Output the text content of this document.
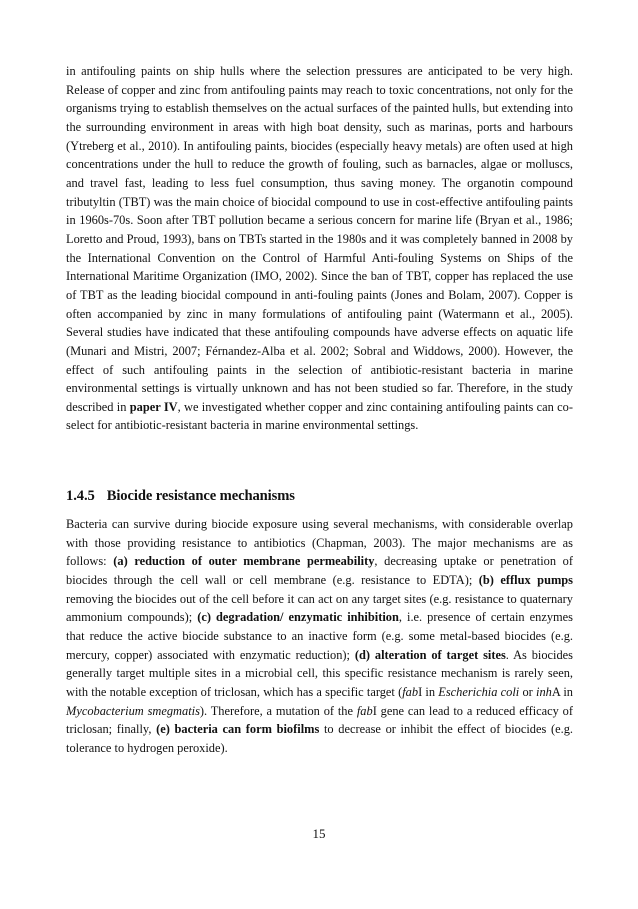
in antifouling paints on ship hulls where the selection pressures are anticipated to be very high. Release of copper and zinc from antifouling paints may reach to toxic concentrations, not only for the organisms trying to establish themselves on the actual surfaces of the painted hulls, but extending into the surrounding environment in areas with high boat density, such as marinas, ports and harbours (Ytreberg et al., 2010). In antifouling paints, biocides (especially heavy metals) are often used at high concentrations under the hull to reduce the growth of fouling, such as barnacles, algae or molluscs, and travel fast, leading to less fuel consumption, thus saving money. The organotin compound tributyltin (TBT) was the main choice of biocidal compound to use in cost-effective antifouling paints in 1960s-70s. Soon after TBT pollution became a serious concern for marine life (Bryan et al., 1986; Loretto and Proud, 1993), bans on TBTs started in the 1980s and it was completely banned in 2008 by the International Convention on the Control of Harmful Anti-fouling Systems on Ships of the International Maritime Organization (IMO, 2002). Since the ban of TBT, copper has replaced the use of TBT as the leading biocidal compound in anti-fouling paints (Jones and Bolam, 2007). Copper is often accompanied by zinc in many formulations of antifouling paint (Watermann et al., 2005). Several studies have indicated that these antifouling compounds have adverse effects on aquatic life (Munari and Mistri, 2007; Férnandez-Alba et al. 2002; Sobral and Widdows, 2000). However, the effect of such antifouling paints in the selection of antibiotic-resistant bacteria in marine environmental settings is virtually unknown and has not been studied so far. Therefore, in the study described in paper IV, we investigated whether copper and zinc containing antifouling paints can co-select for antibiotic-resistant bacteria in marine environmental settings.

1.4.5 Biocide resistance mechanisms

Bacteria can survive during biocide exposure using several mechanisms, with considerable overlap with those providing resistance to antibiotics (Chapman, 2003). The major mechanisms are as follows: (a) reduction of outer membrane permeability, decreasing uptake or penetration of biocides through the cell wall or cell membrane (e.g. resistance to EDTA); (b) efflux pumps removing the biocides out of the cell before it can act on any target sites (e.g. resistance to quaternary ammonium compounds); (c) degradation/ enzymatic inhibition, i.e. presence of certain enzymes that reduce the active biocide substance to an inactive form (e.g. some metal-based biocides (e.g. mercury, copper) associated with enzymatic reduction); (d) alteration of target sites. As biocides generally target multiple sites in a microbial cell, this specific resistance mechanism is rarely seen, with the notable exception of triclosan, which has a specific target (fabI in Escherichia coli or inhA in Mycobacterium smegmatis). Therefore, a mutation of the fabI gene can lead to a reduced efficacy of triclosan; finally, (e) bacteria can form biofilms to decrease or inhibit the effect of biocides (e.g. tolerance to hydrogen peroxide).

15
